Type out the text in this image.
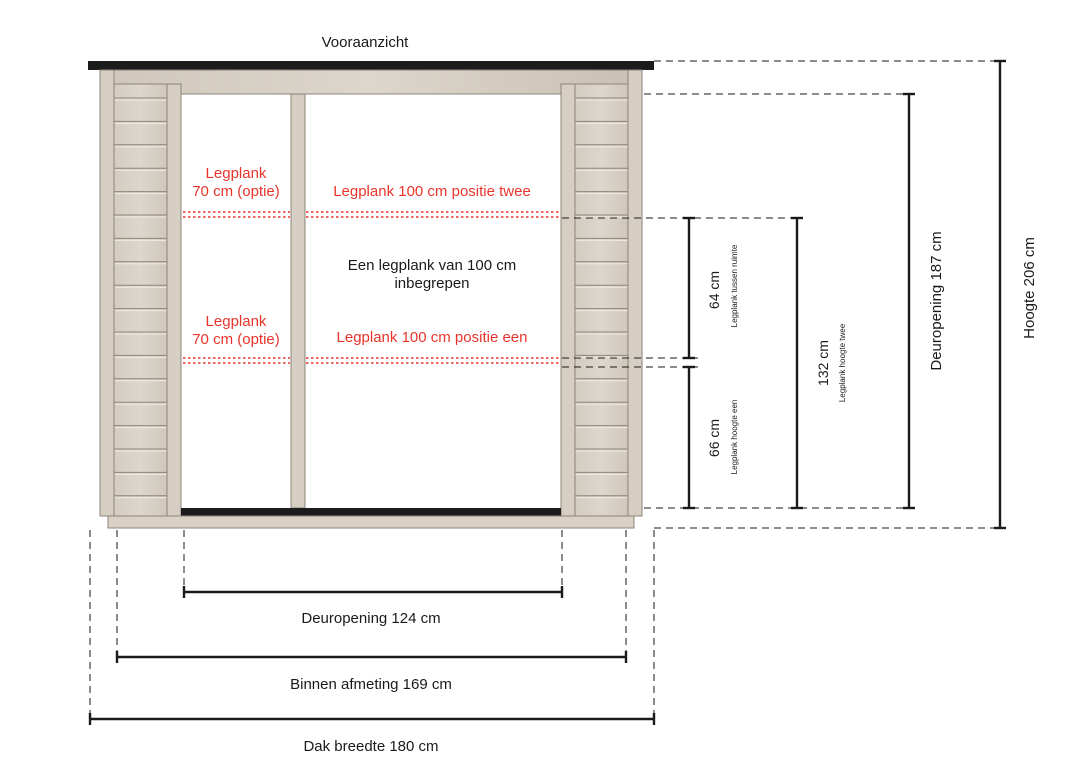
Vooraanzicht
Legplank
70 cm (optie)	Legplank 100 cm positie twee
Een legplank van 100 cm
inbegrepen
Legplank
70 cm (optie)	Legplank 100 cm positie een
64 cm Legplank tussen ruimte
66 cm Legplank hoogte een
132 cm Legplank hoogte twee	Deuropening 187 cm	Hoogte 206 cm
Deuropening 124 cm
Binnen afmeting 169 cm
Dak breedte 180 cm
